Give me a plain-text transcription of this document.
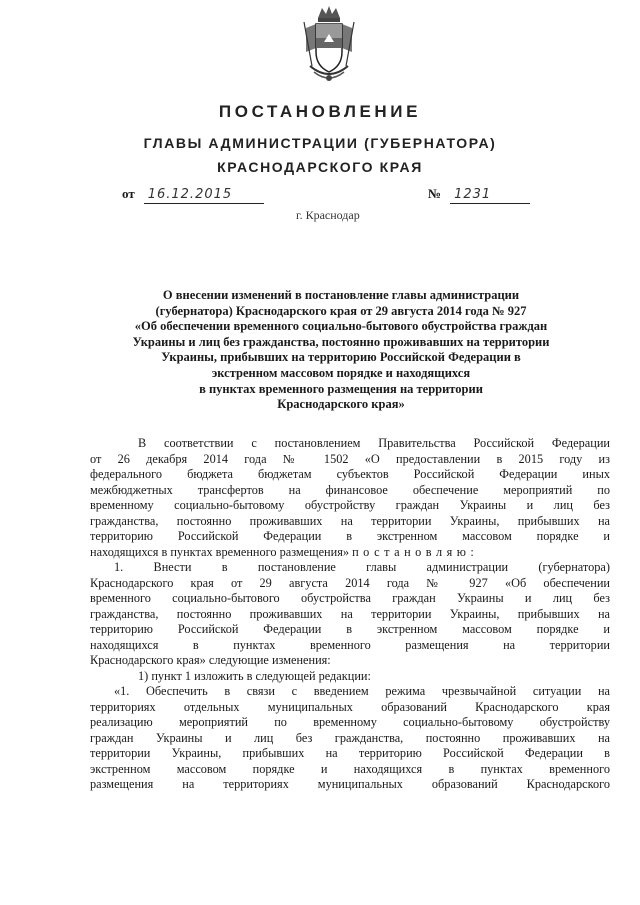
ПОСТАНОВЛЕНИЕ
ГЛАВЫ АДМИНИСТРАЦИИ (ГУБЕРНАТОРА)
КРАСНОДАРСКОГО КРАЯ
от 16.12.2015	№ 1231
г. Краснодар
О внесении изменений в постановление главы администрации
(губернатора) Краснодарского края от 29 августа 2014 года № 927
«Об обеспечении временного социально-бытового обустройства граждан
Украины и лиц без гражданства, постоянно проживавших на территории
Украины, прибывших на территорию Российской Федерации в
экстренном массовом порядке и находящихся
в пунктах временного размещения на территории
Краснодарского края»
В соответствии с постановлением Правительства Российской Федерации
от 26 декабря 2014 года № 1502 «О предоставлении в 2015 году из
федерального бюджета бюджетам субъектов Российской Федерации иных
межбюджетных трансфертов на финансовое обеспечение мероприятий по
временному социально-бытовому обустройству граждан Украины и лиц без
гражданства, постоянно проживавших на территории Украины, прибывших на
территорию Российской Федерации в экстренном массовом порядке и
находящихся в пунктах временного размещения» постановляю:
1. Внести в постановление главы администрации (губернатора)
Краснодарского края от 29 августа 2014 года № 927 «Об обеспечении
временного социально-бытового обустройства граждан Украины и лиц без
гражданства, постоянно проживавших на территории Украины, прибывших на
территорию Российской Федерации в экстренном массовом порядке и
находящихся в пунктах временного размещения на территории
Краснодарского края» следующие изменения:
1) пункт 1 изложить в следующей редакции:
«1. Обеспечить в связи с введением режима чрезвычайной ситуации на
территориях отдельных муниципальных образований Краснодарского края
реализацию мероприятий по временному социально-бытовому обустройству
граждан Украины и лиц без гражданства, постоянно проживавших на
территории Украины, прибывших на территорию Российской Федерации в
экстренном массовом порядке и находящихся в пунктах временного
размещения на территориях муниципальных образований Краснодарского
